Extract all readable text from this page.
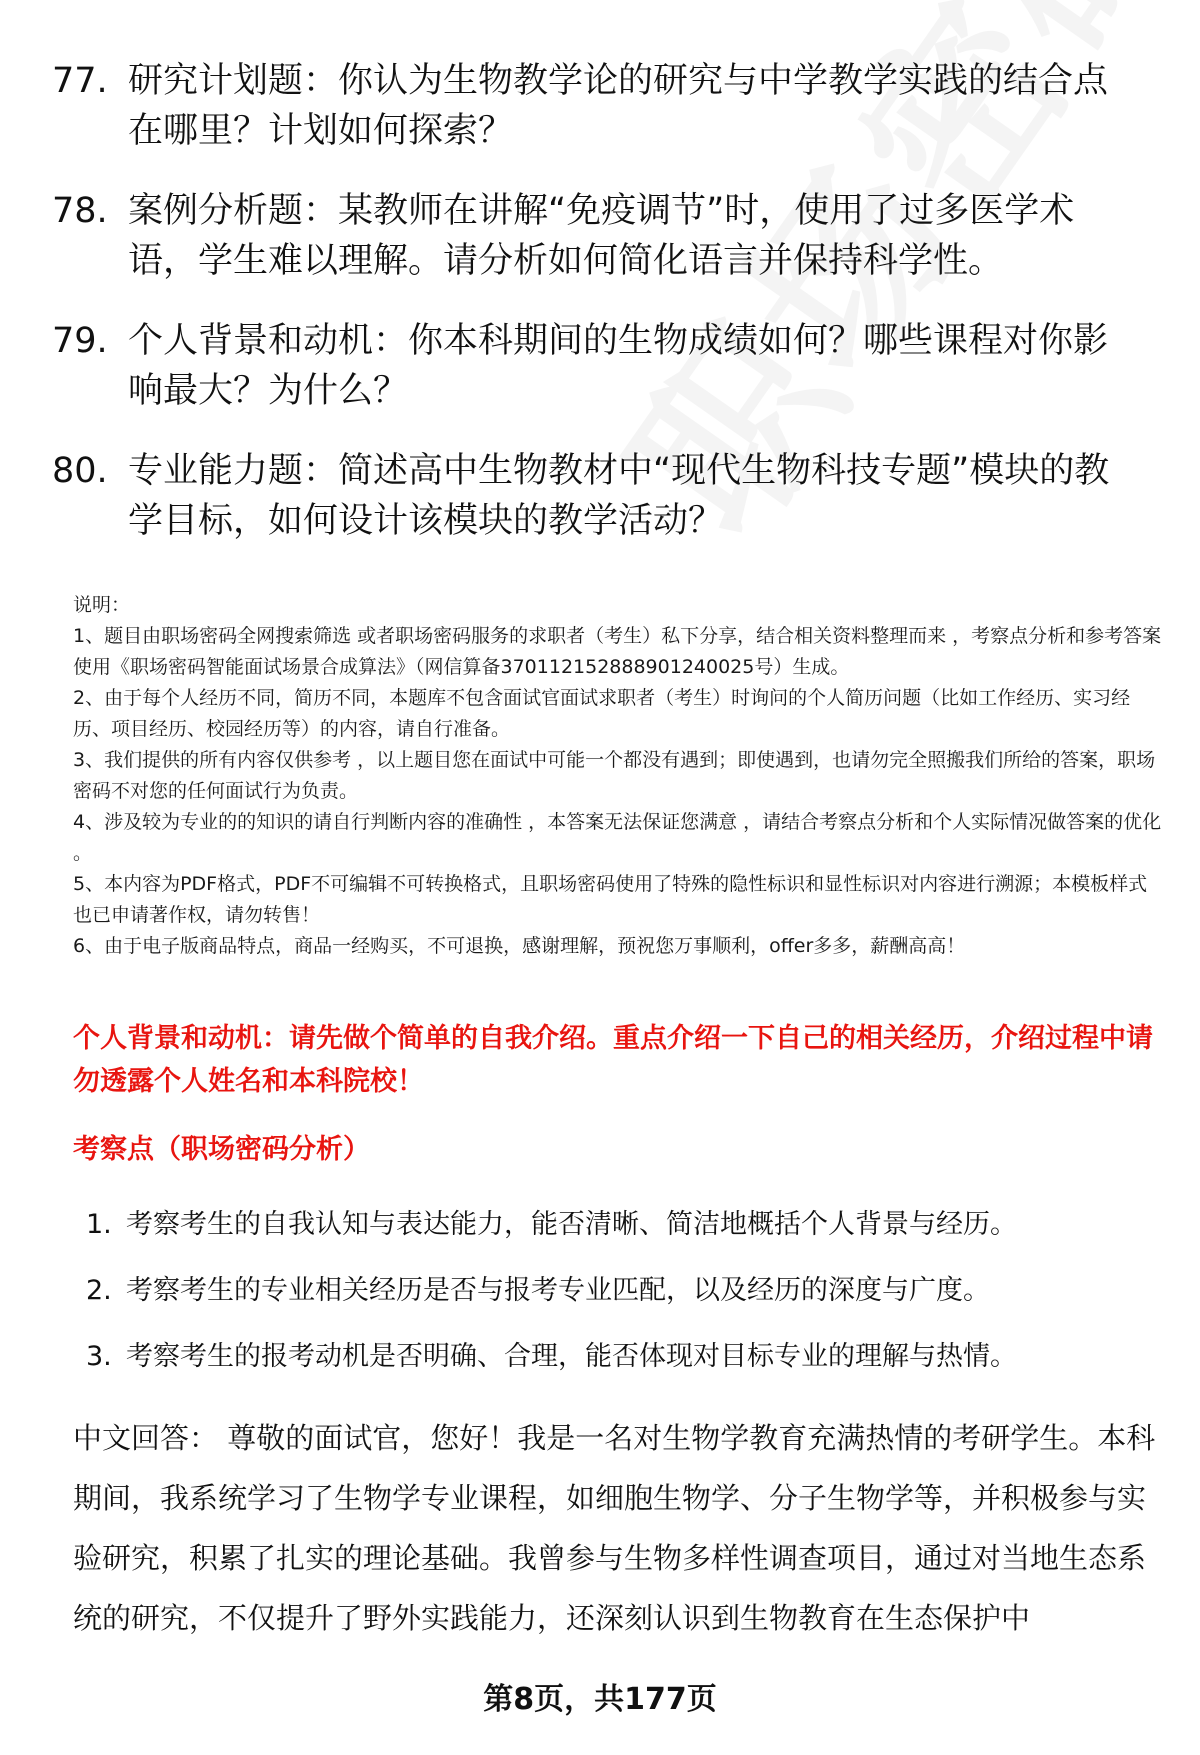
77. 研究计划题：你认为生物教学论的研究与中学教学实践的结合点在哪里？计划如何探索？
78. 案例分析题：某教师在讲解“免疫调节”时，使用了过多医学术语，学生难以理解。请分析如何简化语言并保持科学性。
79. 个人背景和动机：你本科期间的生物成绩如何？哪些课程对你影响最大？为什么？
80. 专业能力题：简述高中生物教材中“现代生物科技专题”模块的教学目标，如何设计该模块的教学活动？
说明：
1、题目由职场密码全网搜索筛选 或者职场密码服务的求职者（考生）私下分享，结合相关资料整理而来 ，考察点分析和参考答案使用《职场密码智能面试场景合成算法》（网信算备370112152888901240025号）生成。
2、由于每个人经历不同，简历不同，本题库不包含面试官面试求职者（考生）时询问的个人简历问题（比如工作经历、实习经历、项目经历、校园经历等）的内容，请自行准备。
3、我们提供的所有内容仅供参考 ，以上题目您在面试中可能一个都没有遇到；即使遇到，也请勿完全照搬我们所给的答案，职场密码不对您的任何面试行为负责。
4、涉及较为专业的的知识的请自行判断内容的准确性 ，本答案无法保证您满意 ，请结合考察点分析和个人实际情况做答案的优化 。
5、本内容为PDF格式，PDF不可编辑不可转换格式，且职场密码使用了特殊的隐性标识和显性标识对内容进行溯源；本模板样式也已申请著作权，请勿转售！
6、由于电子版商品特点，商品一经购买，不可退换，感谢理解，预祝您万事顺利，offer多多，薪酬高高！
个人背景和动机：请先做个简单的自我介绍。重点介绍一下自己的相关经历，介绍过程中请勿透露个人姓名和本科院校！
考察点（职场密码分析）
1. 考察考生的自我认知与表达能力，能否清晰、简洁地概括个人背景与经历。
2. 考察考生的专业相关经历是否与报考专业匹配，以及经历的深度与广度。
3. 考察考生的报考动机是否明确、合理，能否体现对目标专业的理解与热情。
中文回答： 尊敬的面试官，您好！我是一名对生物学教育充满热情的考研学生。本科期间，我系统学习了生物学专业课程，如细胞生物学、分子生物学等，并积极参与实验研究，积累了扎实的理论基础。我曾参与生物多样性调查项目，通过对当地生态系统的研究，不仅提升了野外实践能力，还深刻认识到生物教育在生态保护中
第8页，共177页
